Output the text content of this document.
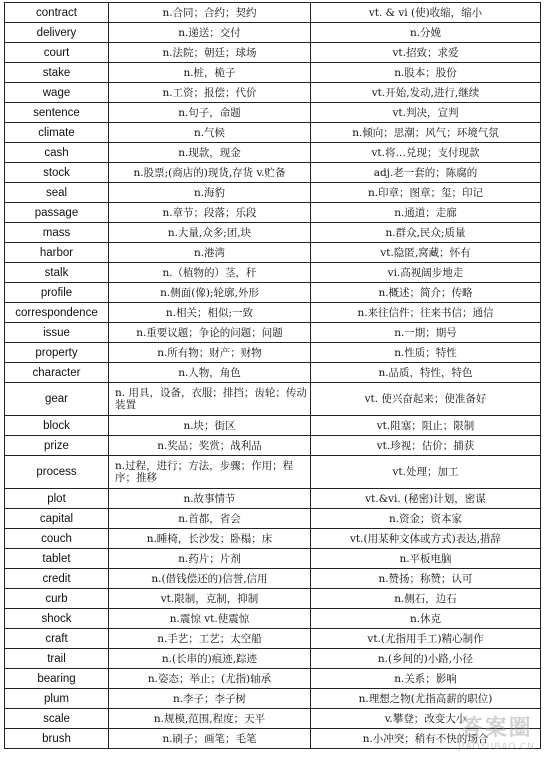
contract	n.合同；合约；契约	vt. & vi (使)收缩，缩小
delivery	n.递送；交付	n.分娩
court	n.法院；朝廷；球场	vt.招致；求爱
stake	n.桩，桅子	n.股本；股份
wage	n.工资；报偿；代价	vt.开始,发动,进行,继续
sentence	n.句子，命题	vt.判决，宣判
climate	n.气候	n.倾向；思潮；风气；环境气氛
cash	n.现款，现金	vt.将…兑现；支付现款
stock	n.股票;(商店的)现货,存货 v.贮备	adj.老一套的；陈腐的
seal	n.海豹	n.印章；图章；玺；印记
passage	n.章节；段落；乐段	n.通道；走廊
mass	n.大量,众多;团,块	n.群众,民众;质量
harbor	n.港湾	vt.隐匿,窝藏；怀有
stalk	n.（植物的）茎，秆	vi.高视阔步地走
profile	n.侧面(像);轮廓,外形	n.概述；简介；传略
correspondence	n.相关；相似;一致	n.来往信件；往来书信；通信
issue	n.重要议题；争论的问题；问题	n.一期；期号
property	n.所有物；财产；财物	n.性质；特性
character	n.人物，角色	n.品质，特性，特色
gear	n. 用具，设备，衣服；排挡；齿轮；传动装置	vt. 使兴奋起来；使准备好
block	n.块；街区	vt.阻塞；阻止；限制
prize	n.奖品；奖赏；战利品	vt.珍视；估价；捕获
process	n.过程，进行；方法，步骤；作用；程序；推移	vt.处理；加工
plot	n.故事情节	vt.&vi. (秘密)计划，密谋
capital	n.首都，省会	n.资金；资本家
couch	n.睡椅，长沙发；卧榻；床	vt.(用某种文体或方式)表达,措辞
tablet	n.药片；片剂	n.平板电脑
credit	n.(借钱偿还的)信誉,信用	n.赞扬；称赞；认可
curb	vt.限制，克制，抑制	n.侧石，边石
shock	n.震惊 vt.使震惊	n.休克
craft	n.手艺；工艺；太空船	vt.(尤指用手工)精心制作
trail	n.(长串的)痕迹,踪迹	n.(乡间的)小路,小径
bearing	n.姿态；举止；(尤指)轴承	n.关系；影响
plum	n.李子；李子树	n.理想之物(尤指高薪的职位)
scale	n.规模,范围,程度；天平	v.攀登；改变大小
brush	n.刷子；画笔；毛笔	n.小冲突；稍有不快的场合
答案圈
JIAOYUBAO.CN
